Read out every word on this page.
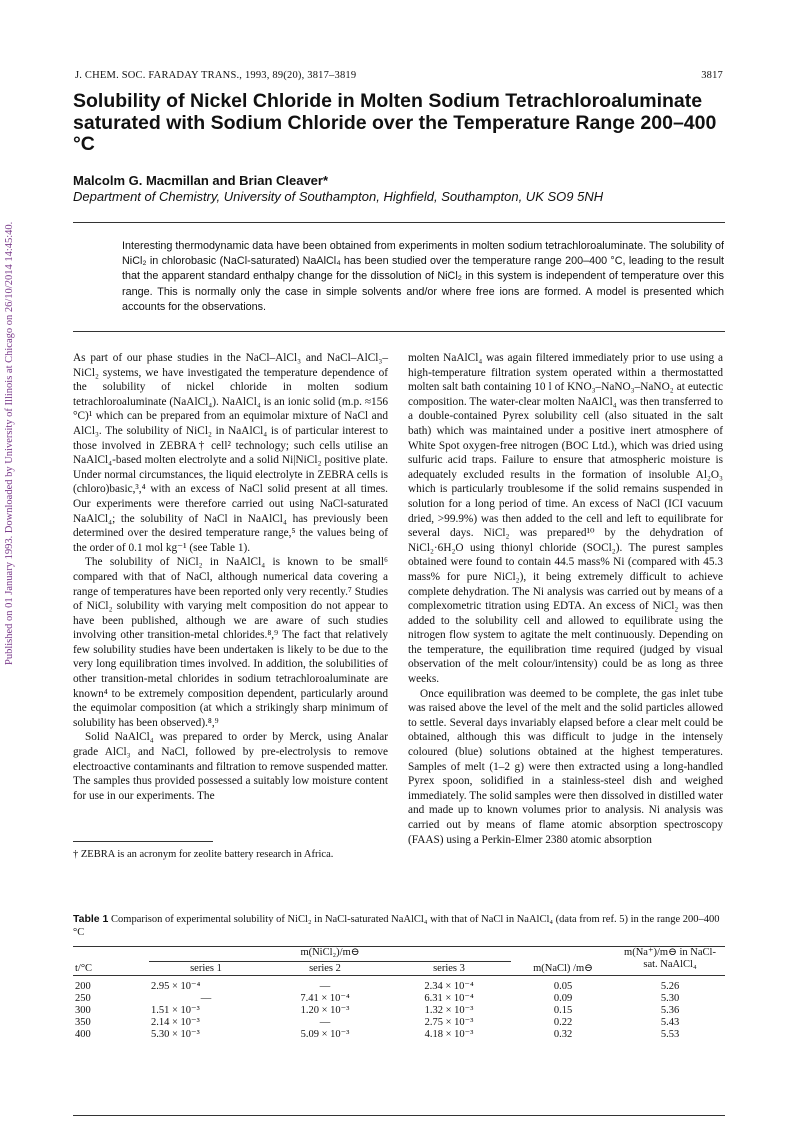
Published on 01 January 1993. Downloaded by University of Illinois at Chicago on 26/10/2014 14:45:40.
J. CHEM. SOC. FARADAY TRANS., 1993, 89(20), 3817–3819	3817
Solubility of Nickel Chloride in Molten Sodium Tetrachloroaluminate saturated with Sodium Chloride over the Temperature Range 200–400 °C
Malcolm G. Macmillan and Brian Cleaver*
Department of Chemistry, University of Southampton, Highfield, Southampton, UK SO9 5NH

Interesting thermodynamic data have been obtained from experiments in molten sodium tetrachloroaluminate. The solubility of NiCl₂ in chlorobasic (NaCl-saturated) NaAlCl₄ has been studied over the temperature range 200–400 °C, leading to the result that the apparent standard enthalpy change for the dissolution of NiCl₂ in this system is independent of temperature over this range. This is normally only the case in simple solvents and/or where free ions are formed. A model is presented which accounts for the observations.

As part of our phase studies in the NaCl–AlCl₃ and NaCl–AlCl₃–NiCl₂ systems, we have investigated the temperature dependence of the solubility of nickel chloride in molten sodium tetrachloroaluminate (NaAlCl₄). NaAlCl₄ is an ionic solid (m.p. ≈156 °C)¹ which can be prepared from an equimolar mixture of NaCl and AlCl₃. The solubility of NiCl₂ in NaAlCl₄ is of particular interest to those involved in ZEBRA† cell² technology; such cells utilise an NaAlCl₄-based molten electrolyte and a solid Ni|NiCl₂ positive plate. Under normal circumstances, the liquid electrolyte in ZEBRA cells is (chloro)basic,³,⁴ with an excess of NaCl solid present at all times. Our experiments were therefore carried out using NaCl-saturated NaAlCl₄; the solubility of NaCl in NaAlCl₄ has previously been determined over the desired temperature range,⁵ the values being of the order of 0.1 mol kg⁻¹ (see Table 1).

The solubility of NiCl₂ in NaAlCl₄ is known to be small⁶ compared with that of NaCl, although numerical data covering a range of temperatures have been reported only very recently.⁷ Studies of NiCl₂ solubility with varying melt composition do not appear to have been published, although we are aware of such studies involving other transition-metal chlorides.⁸,⁹ The fact that relatively few solubility studies have been undertaken is likely to be due to the very long equilibration times involved. In addition, the solubilities of other transition-metal chlorides in sodium tetrachloroaluminate are known⁴ to be extremely composition dependent, particularly around the equimolar composition (at which a strikingly sharp minimum of solubility has been observed).⁸,⁹

Solid NaAlCl₄ was prepared to order by Merck, using Analar grade AlCl₃ and NaCl, followed by pre-electrolysis to remove electroactive contaminants and filtration to remove suspended matter. The samples thus provided possessed a suitably low moisture content for use in our experiments. The

† ZEBRA is an acronym for zeolite battery research in Africa.

molten NaAlCl₄ was again filtered immediately prior to use using a high-temperature filtration system operated within a thermostatted molten salt bath containing 10 l of KNO₃–NaNO₃–NaNO₂ at eutectic composition. The water-clear molten NaAlCl₄ was then transferred to a double-contained Pyrex solubility cell (also situated in the salt bath) which was maintained under a positive inert atmosphere of White Spot oxygen-free nitrogen (BOC Ltd.), which was dried using sulfuric acid traps. Failure to ensure that atmospheric moisture is adequately excluded results in the formation of insoluble Al₂O₃ which is particularly troublesome if the solid remains suspended in solution for a long period of time. An excess of NaCl (ICI vacuum dried, >99.9%) was then added to the cell and left to equilibrate for several days. NiCl₂ was prepared¹⁰ by the dehydration of NiCl₂·6H₂O using thionyl chloride (SOCl₂). The purest samples obtained were found to contain 44.5 mass% Ni (compared with 45.3 mass% for pure NiCl₂), it being extremely difficult to achieve complete dehydration. The Ni analysis was carried out by means of a complexometric titration using EDTA. An excess of NiCl₂ was then added to the solubility cell and allowed to equilibrate using the nitrogen flow system to agitate the melt continuously. Depending on the temperature, the equilibration time required (judged by visual observation of the melt colour/intensity) could be as long as three weeks.

Once equilibration was deemed to be complete, the gas inlet tube was raised above the level of the melt and the solid particles allowed to settle. Several days invariably elapsed before a clear melt could be obtained, although this was difficult to judge in the intensely coloured (blue) solutions obtained at the highest temperatures. Samples of melt (1–2 g) were then extracted using a long-handled Pyrex spoon, solidified in a stainless-steel dish and weighed immediately. The solid samples were then dissolved in distilled water and made up to known volumes prior to analysis. Ni analysis was carried out by means of flame atomic absorption spectroscopy (FAAS) using a Perkin-Elmer 2380 atomic absorption

Table 1 Comparison of experimental solubility of NiCl₂ in NaCl-saturated NaAlCl₄ with that of NaCl in NaAlCl₄ (data from ref. 5) in the range 200–400 °C

	m(NiCl₂)/m⊖				m(Na⁺)/m⊖ in NaCl-sat. NaAlCl₄
t/°C	series 1	series 2	series 3	m(NaCl) /m⊖	
200	2.95 × 10⁻⁴	—	2.34 × 10⁻⁴	0.05	5.26
250	—	7.41 × 10⁻⁴	6.31 × 10⁻⁴	0.09	5.30
300	1.51 × 10⁻³	1.20 × 10⁻³	1.32 × 10⁻³	0.15	5.36
350	2.14 × 10⁻³	—	2.75 × 10⁻³	0.22	5.43
400	5.30 × 10⁻³	5.09 × 10⁻³	4.18 × 10⁻³	0.32	5.53
